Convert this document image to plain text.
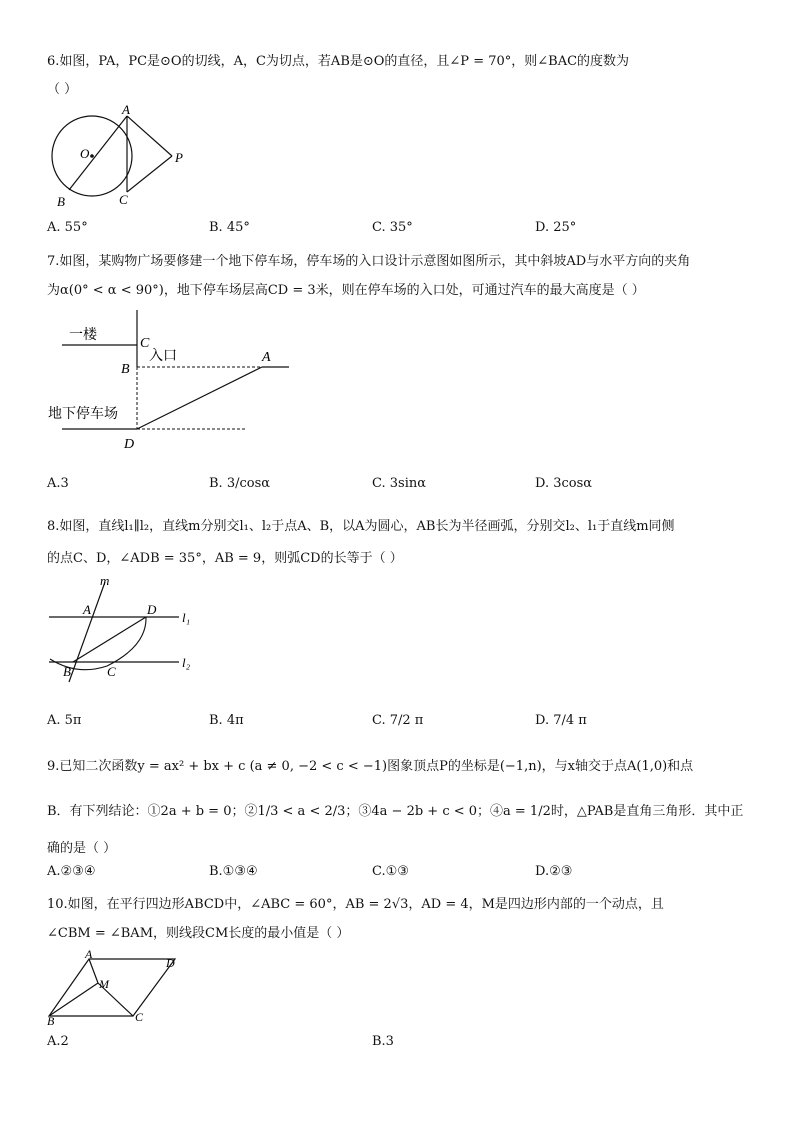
6.如图，PA，PC是⊙O的切线，A，C为切点，若AB是⊙O的直径，且∠P = 70°，则∠BAC的度数为
（ ）
A
O	P
B	C
A. 55°	B. 45°	C. 35°	D. 25°
7.如图，某购物广场要修建一个地下停车场，停车场的入口设计示意图如图所示，其中斜坡AD与水平方向的夹角
为α(0° < α < 90°)，地下停车场层高CD = 3米，则在停车场的入口处，可通过汽车的最大高度是（ ）
一楼
C
入口	A
B
地下停车场
D
A.3	B. 3/cosα	C. 3sinα	D. 3cosα
8.如图，直线l₁∥l₂，直线m分别交l₁、l₂于点A、B，以A为圆心，AB长为半径画弧，分别交l₂、l₁于直线m同侧
的点C、D，∠ADB = 35°，AB = 9，则弧CD的长等于（ ）
m
A	D
l₁
l₂
B	C
A. 5π	B. 4π	C. 7/2 π	D. 7/4 π
9.已知二次函数y = ax² + bx + c (a ≠ 0, −2 < c < −1)图象顶点P的坐标是(−1,n)，与x轴交于点A(1,0)和点
B．有下列结论：①2a + b = 0；②1/3 < a < 2/3；③4a − 2b + c < 0；④a = 1/2时，△PAB是直角三角形．其中正
确的是（ ）
A.②③④	B.①③④	C.①③	D.②③
10.如图，在平行四边形ABCD中，∠ABC = 60°，AB = 2√3，AD = 4，M是四边形内部的一个动点，且
∠CBM = ∠BAM，则线段CM长度的最小值是（ ）
A
D
M
B	C
A.2	B.3
